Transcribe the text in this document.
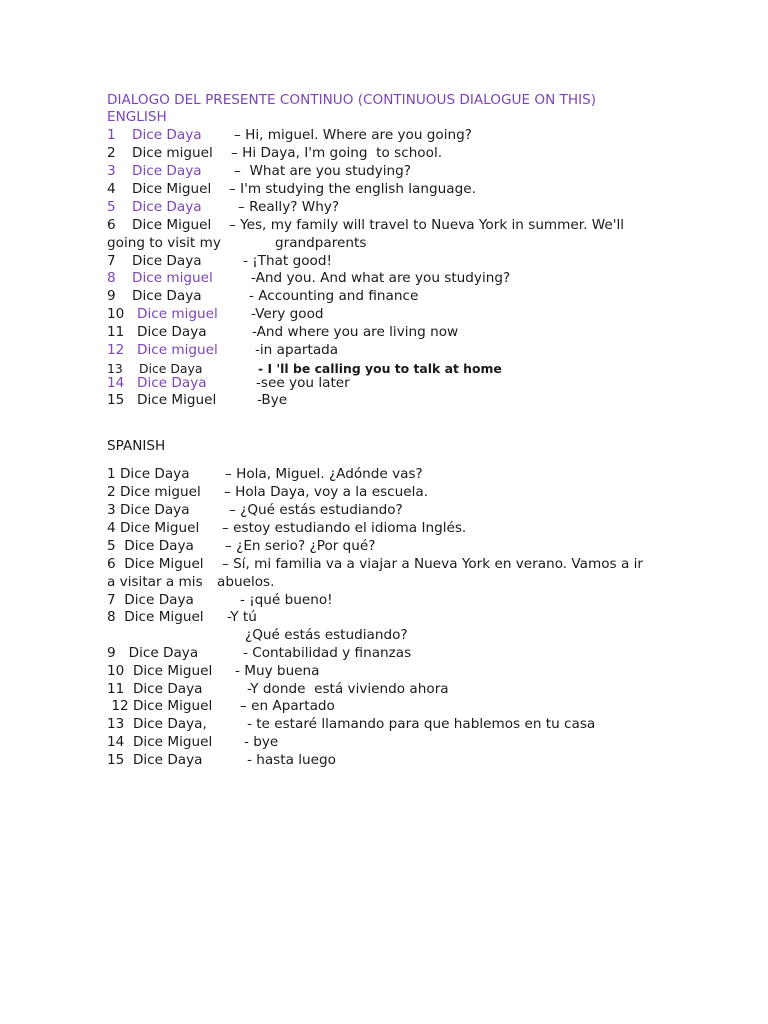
DIALOGO DEL PRESENTE CONTINUO (CONTINUOUS DIALOGUE ON THIS)
ENGLISH
1 Dice Daya – Hi, miguel. Where are you going?
2 Dice miguel – Hi Daya, I'm going  to school.
3 Dice Daya –  What are you studying?
4 Dice Miguel – I'm studying the english language.
5 Dice Daya	– Really? Why?
6 Dice Miguel – Yes, my family will travel to Nueva York in summer. We'll
going to visit my	grandparents
7 Dice Daya	- ¡That good!
8 Dice miguel	-And you. And what are you studying?
9 Dice Daya	- Accounting and finance
10 Dice miguel -Very good
11 Dice Daya	-And where you are living now
12 Dice miguel	-in apartada
13 Dice Daya	- I 'll be calling you to talk at home
14 Dice Daya	-see you later
15 Dice Miguel	-Bye
SPANISH
1 Dice Daya	– Hola, Miguel. ¿Adónde vas?
2 Dice miguel – Hola Daya, voy a la escuela.
3 Dice Daya	– ¿Qué estás estudiando?
4 Dice Miguel – estoy estudiando el idioma Inglés.
5  Dice Daya – ¿En serio? ¿Por qué?
6  Dice Miguel – Sí, mi familia va a viajar a Nueva York en verano. Vamos a ir
a visitar a mis abuelos.
7  Dice Daya	- ¡qué bueno!
8  Dice Miguel -Y tú
¿Qué estás estudiando?
9   Dice Daya	- Contabilidad y finanzas
10  Dice Miguel - Muy buena
11  Dice Daya	-Y donde  está viviendo ahora
12 Dice Miguel – en Apartado
13  Dice Daya,	- te estaré llamando para que hablemos en tu casa
14  Dice Miguel - bye
15  Dice Daya	- hasta luego
